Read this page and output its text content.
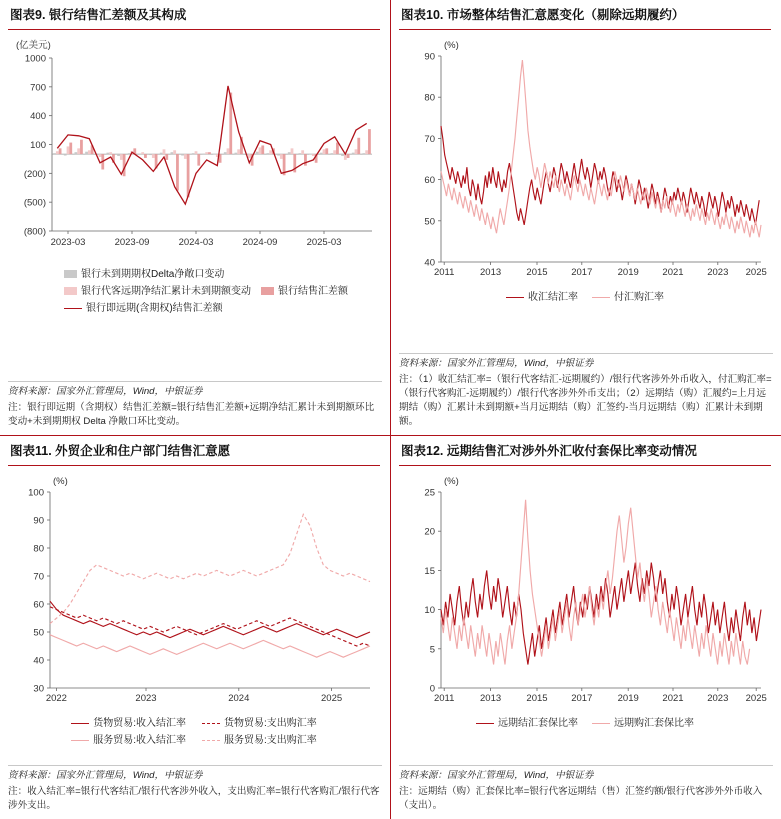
图表9. 银行结售汇差额及其构成
(亿美元)
(800)
(500)
(200)
100
400
700
1000
2023-03	2023-09	2024-03	2024-09	2025-03
银行未到期期权Delta净敞口变动
银行代客远期净结汇累计未到期额变动	银行结售汇差额
银行即远期(含期权)结售汇差额
资料来源：国家外汇管理局，Wind，中银证券
注：银行即远期（含期权）结售汇差额=银行结售汇差额+远期净结汇累计未到期额环比变动+未到期期权 Delta 净敞口环比变动。
图表10. 市场整体结售汇意愿变化（剔除远期履约）
(%)
40
50
60
70
80
90
2011	2013	2015 2017	2019 2021 2023 2025
收汇结汇率	付汇购汇率
资料来源：国家外汇管理局，Wind，中银证券
注：（1）收汇结汇率=（银行代客结汇-远期履约）/银行代客涉外外币收入，付汇购汇率=（银行代客购汇-远期履约）/银行代客涉外外币支出；（2）远期结（购）汇履约=上月远期结（购）汇累计未到期额+当月远期结（购）汇签约-当月远期结（购）汇累计未到期额。
图表11. 外贸企业和住户部门结售汇意愿
(%)
30
40
50
60
70
80
90
100
2022	2023	2024	2025
货物贸易:收入结汇率	货物贸易:支出购汇率
服务贸易:收入结汇率	服务贸易:支出购汇率
资料来源：国家外汇管理局，Wind，中银证券
注：收入结汇率=银行代客结汇/银行代客涉外收入，支出购汇率=银行代客购汇/银行代客涉外支出。
图表12. 远期结售汇对涉外外汇收付套保比率变动情况
(%)
0
5
10
15
20
25
2011	2013	2015 2017	2019 2021 2023 2025
远期结汇套保比率	远期购汇套保比率
资料来源：国家外汇管理局，Wind，中银证券
注：远期结（购）汇套保比率=银行代客远期结（售）汇签约额/银行代客涉外外币收入（支出）。
